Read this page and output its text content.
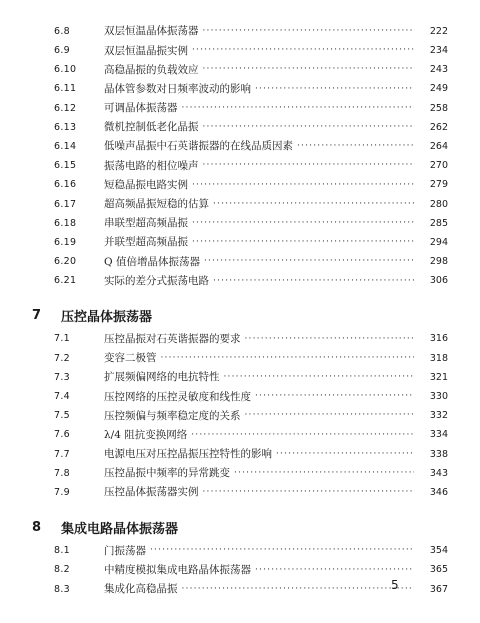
6.8	双层恒温晶体振荡器 ·····	222
6.9	双层恒温晶振实例 ·····	234
6.10	高稳晶振的负载效应 ·····	243
6.11	晶体管参数对日频率波动的影响 ·····	249
6.12	可调晶体振荡器 ·····	258
6.13	微机控制低老化晶振 ·····	262
6.14	低噪声晶振中石英谐振器的在线品质因素 ·····	264
6.15	振荡电路的相位噪声 ·····	270
6.16	短稳晶振电路实例 ·····	279
6.17	超高频晶振短稳的估算 ·····	280
6.18	串联型超高频晶振 ·····	285
6.19	并联型超高频晶振 ·····	294
6.20	Q 值倍增晶体振荡器 ·····	298
6.21	实际的差分式振荡电路 ·····	306
7	压控晶体振荡器
7.1	压控晶振对石英谐振器的要求 ·····	316
7.2	变容二极管 ·····	318
7.3	扩展频偏网络的电抗特性 ·····	321
7.4	压控网络的压控灵敏度和线性度 ·····	330
7.5	压控频偏与频率稳定度的关系 ·····	332
7.6	λ/4 阻抗变换网络 ·····	334
7.7	电源电压对压控晶振压控特性的影响 ·····	338
7.8	压控晶振中频率的异常跳变 ·····	343
7.9	压控晶体振荡器实例 ·····	346
8	集成电路晶体振荡器
8.1	门振荡器 ·····	354
8.2	中精度模拟集成电路晶体振荡器 ·····	365
8.3	集成化高稳晶振 ·····	367
5
